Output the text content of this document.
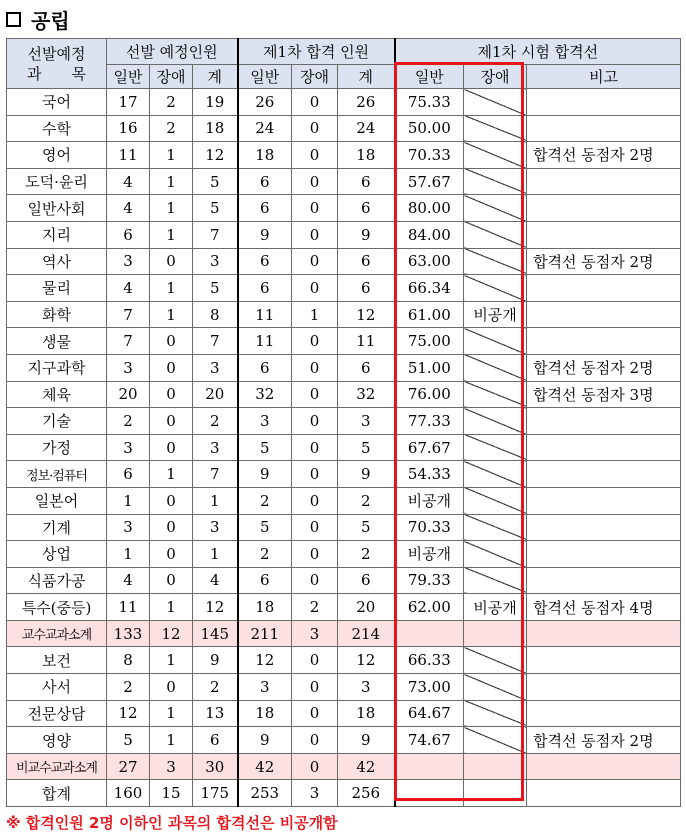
공립
선발예정
과　　목	선발 예정인원			제1차 합격 인원			제1차 시험 합격선		
	일반	장애	계	일반	장애	계	일반	장애	비고
국어	17	2	19	26	0	26	75.33		
수학	16	2	18	24	0	24	50.00		
영어	11	1	12	18	0	18	70.33		합격선 동점자 2명
도덕·윤리	4	1	5	6	0	6	57.67		
일반사회	4	1	5	6	0	6	80.00		
지리	6	1	7	9	0	9	84.00		
역사	3	0	3	6	0	6	63.00		합격선 동점자 2명
물리	4	1	5	6	0	6	66.34		
화학	7	1	8	11	1	12	61.00	비공개	
생물	7	0	7	11	0	11	75.00		
지구과학	3	0	3	6	0	6	51.00		합격선 동점자 2명
체육	20	0	20	32	0	32	76.00		합격선 동점자 3명
기술	2	0	2	3	0	3	77.33		
가정	3	0	3	5	0	5	67.67		
정보·컴퓨터	6	1	7	9	0	9	54.33		
일본어	1	0	1	2	0	2	비공개		
기계	3	0	3	5	0	5	70.33		
상업	1	0	1	2	0	2	비공개		
식품가공	4	0	4	6	0	6	79.33		
특수(중등)	11	1	12	18	2	20	62.00	비공개	합격선 동점자 4명
교수교과소계	133	12	145	211	3	214			
보건	8	1	9	12	0	12	66.33		
사서	2	0	2	3	0	3	73.00		
전문상담	12	1	13	18	0	18	64.67		
영양	5	1	6	9	0	9	74.67		합격선 동점자 2명
비교수교과소계	27	3	30	42	0	42			
합계	160	15	175	253	3	256			
※ 합격인원 2명 이하인 과목의 합격선은 비공개함
